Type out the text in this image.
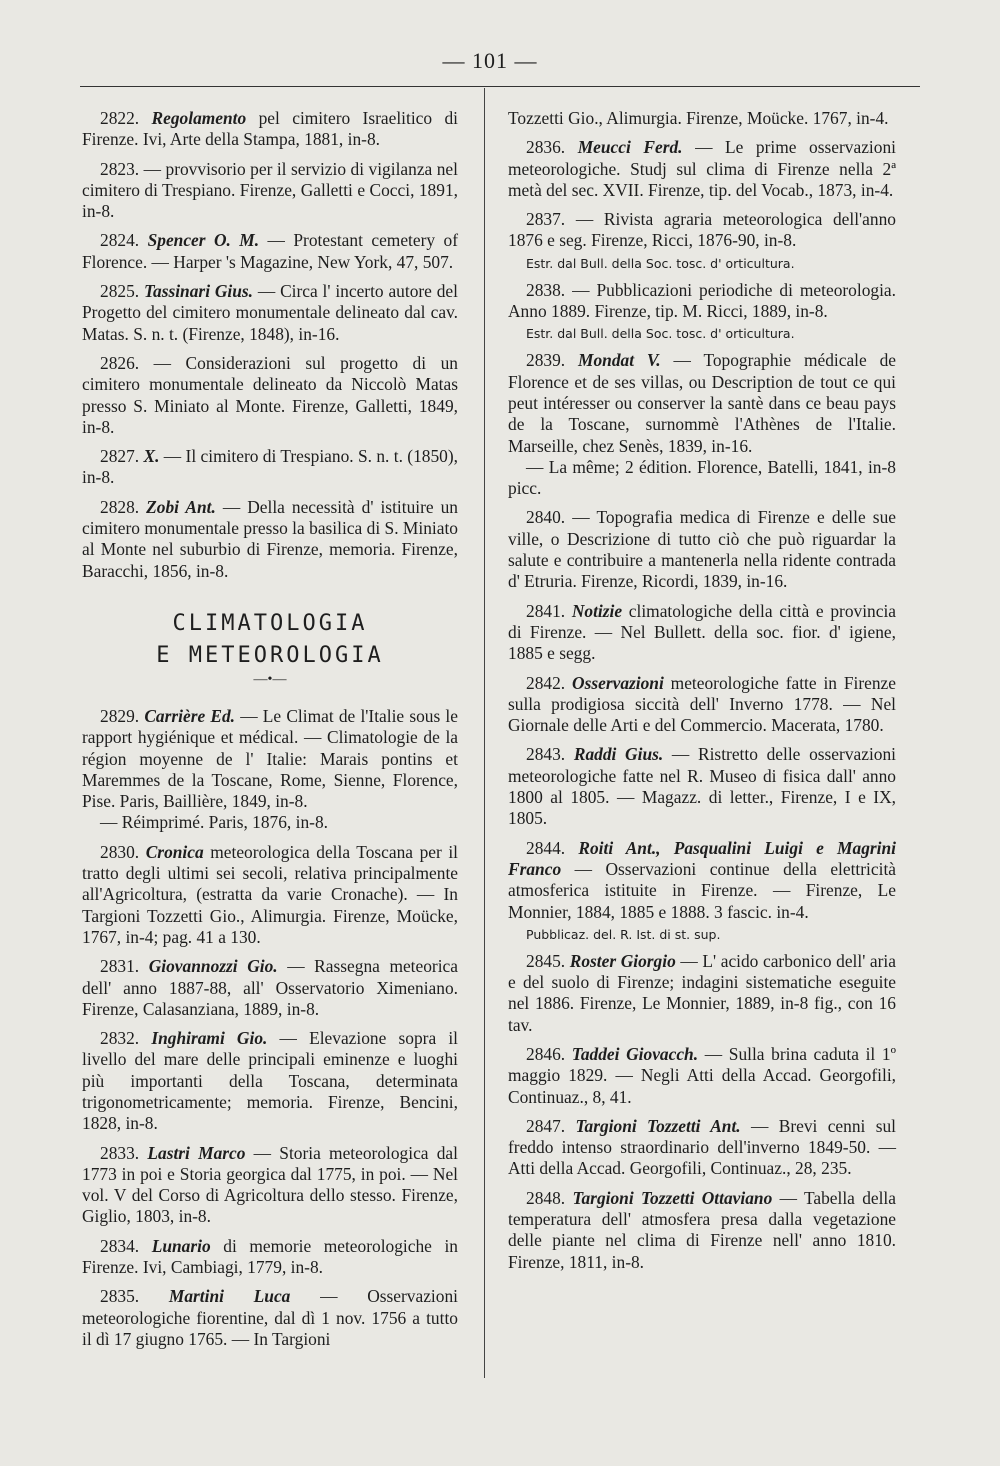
— 101 —

2822. Regolamento pel cimitero Israelitico di Firenze. Ivi, Arte della Stampa, 1881, in-8.

2823. — provvisorio per il servizio di vigilanza nel cimitero di Trespiano. Firenze, Galletti e Cocci, 1891, in-8.

2824. Spencer O. M. — Protestant cemetery of Florence. — Harper 's Magazine, New York, 47, 507.

2825. Tassinari Gius. — Circa l' incerto autore del Progetto del cimitero monumentale delineato dal cav. Matas. S. n. t. (Firenze, 1848), in-16.

2826. — Considerazioni sul progetto di un cimitero monumentale delineato da Niccolò Matas presso S. Miniato al Monte. Firenze, Galletti, 1849, in-8.

2827. X. — Il cimitero di Trespiano. S. n. t. (1850), in-8.

2828. Zobi Ant. — Della necessità d' istituire un cimitero monumentale presso la basilica di S. Miniato al Monte nel suburbio di Firenze, memoria. Firenze, Baracchi, 1856, in-8.

CLIMATOLOGIA
E METEOROLOGIA
—•—

2829. Carrière Ed. — Le Climat de l'Italie sous le rapport hygiénique et médical. — Climatologie de la région moyenne de l' Italie: Marais pontins et Maremmes de la Toscane, Rome, Sienne, Florence, Pise. Paris, Baillière, 1849, in-8.
— Réimprimé. Paris, 1876, in-8.

2830. Cronica meteorologica della Toscana per il tratto degli ultimi sei secoli, relativa principalmente all'Agricoltura, (estratta da varie Cronache). — In Targioni Tozzetti Gio., Alimurgia. Firenze, Moücke, 1767, in-4; pag. 41 a 130.

2831. Giovannozzi Gio. — Rassegna meteorica dell' anno 1887-88, all' Osservatorio Ximeniano. Firenze, Calasanziana, 1889, in-8.

2832. Inghirami Gio. — Elevazione sopra il livello del mare delle principali eminenze e luoghi più importanti della Toscana, determinata trigonometricamente; memoria. Firenze, Bencini, 1828, in-8.

2833. Lastri Marco — Storia meteorologica dal 1773 in poi e Storia georgica dal 1775, in poi. — Nel vol. V del Corso di Agricoltura dello stesso. Firenze, Giglio, 1803, in-8.

2834. Lunario di memorie meteorologiche in Firenze. Ivi, Cambiagi, 1779, in-8.

2835. Martini Luca — Osservazioni meteorologiche fiorentine, dal dì 1 nov. 1756 a tutto il dì 17 giugno 1765. — In Targioni

Tozzetti Gio., Alimurgia. Firenze, Moücke. 1767, in-4.

2836. Meucci Ferd. — Le prime osservazioni meteorologiche. Studj sul clima di Firenze nella 2ª metà del sec. XVII. Firenze, tip. del Vocab., 1873, in-4.

2837. — Rivista agraria meteorologica dell'anno 1876 e seg. Firenze, Ricci, 1876-90, in-8.

Estr. dal Bull. della Soc. tosc. d' orticultura.

2838. — Pubblicazioni periodiche di meteorologia. Anno 1889. Firenze, tip. M. Ricci, 1889, in-8.

Estr. dal Bull. della Soc. tosc. d' orticultura.

2839. Mondat V. — Topographie médicale de Florence et de ses villas, ou Description de tout ce qui peut intéresser ou conserver la santè dans ce beau pays de la Toscane, surnommè l'Athènes de l'Italie. Marseille, chez Senès, 1839, in-16.
— La même; 2 édition. Florence, Batelli, 1841, in-8 picc.

2840. — Topografia medica di Firenze e delle sue ville, o Descrizione di tutto ciò che può riguardar la salute e contribuire a mantenerla nella ridente contrada d' Etruria. Firenze, Ricordi, 1839, in-16.

2841. Notizie climatologiche della città e provincia di Firenze. — Nel Bullett. della soc. fior. d' igiene, 1885 e segg.

2842. Osservazioni meteorologiche fatte in Firenze sulla prodigiosa siccità dell' Inverno 1778. — Nel Giornale delle Arti e del Commercio. Macerata, 1780.

2843. Raddi Gius. — Ristretto delle osservazioni meteorologiche fatte nel R. Museo di fisica dall' anno 1800 al 1805. — Magazz. di letter., Firenze, I e IX, 1805.

2844. Roiti Ant., Pasqualini Luigi e Magrini Franco — Osservazioni continue della elettricità atmosferica istituite in Firenze. — Firenze, Le Monnier, 1884, 1885 e 1888. 3 fascic. in-4.

Pubblicaz. del. R. Ist. di st. sup.

2845. Roster Giorgio — L' acido carbonico dell' aria e del suolo di Firenze; indagini sistematiche eseguite nel 1886. Firenze, Le Monnier, 1889, in-8 fig., con 16 tav.

2846. Taddei Giovacch. — Sulla brina caduta il 1º maggio 1829. — Negli Atti della Accad. Georgofili, Continuaz., 8, 41.

2847. Targioni Tozzetti Ant. — Brevi cenni sul freddo intenso straordinario dell'inverno 1849-50. — Atti della Accad. Georgofili, Continuaz., 28, 235.

2848. Targioni Tozzetti Ottaviano — Tabella della temperatura dell' atmosfera presa dalla vegetazione delle piante nel clima di Firenze nell' anno 1810. Firenze, 1811, in-8.
